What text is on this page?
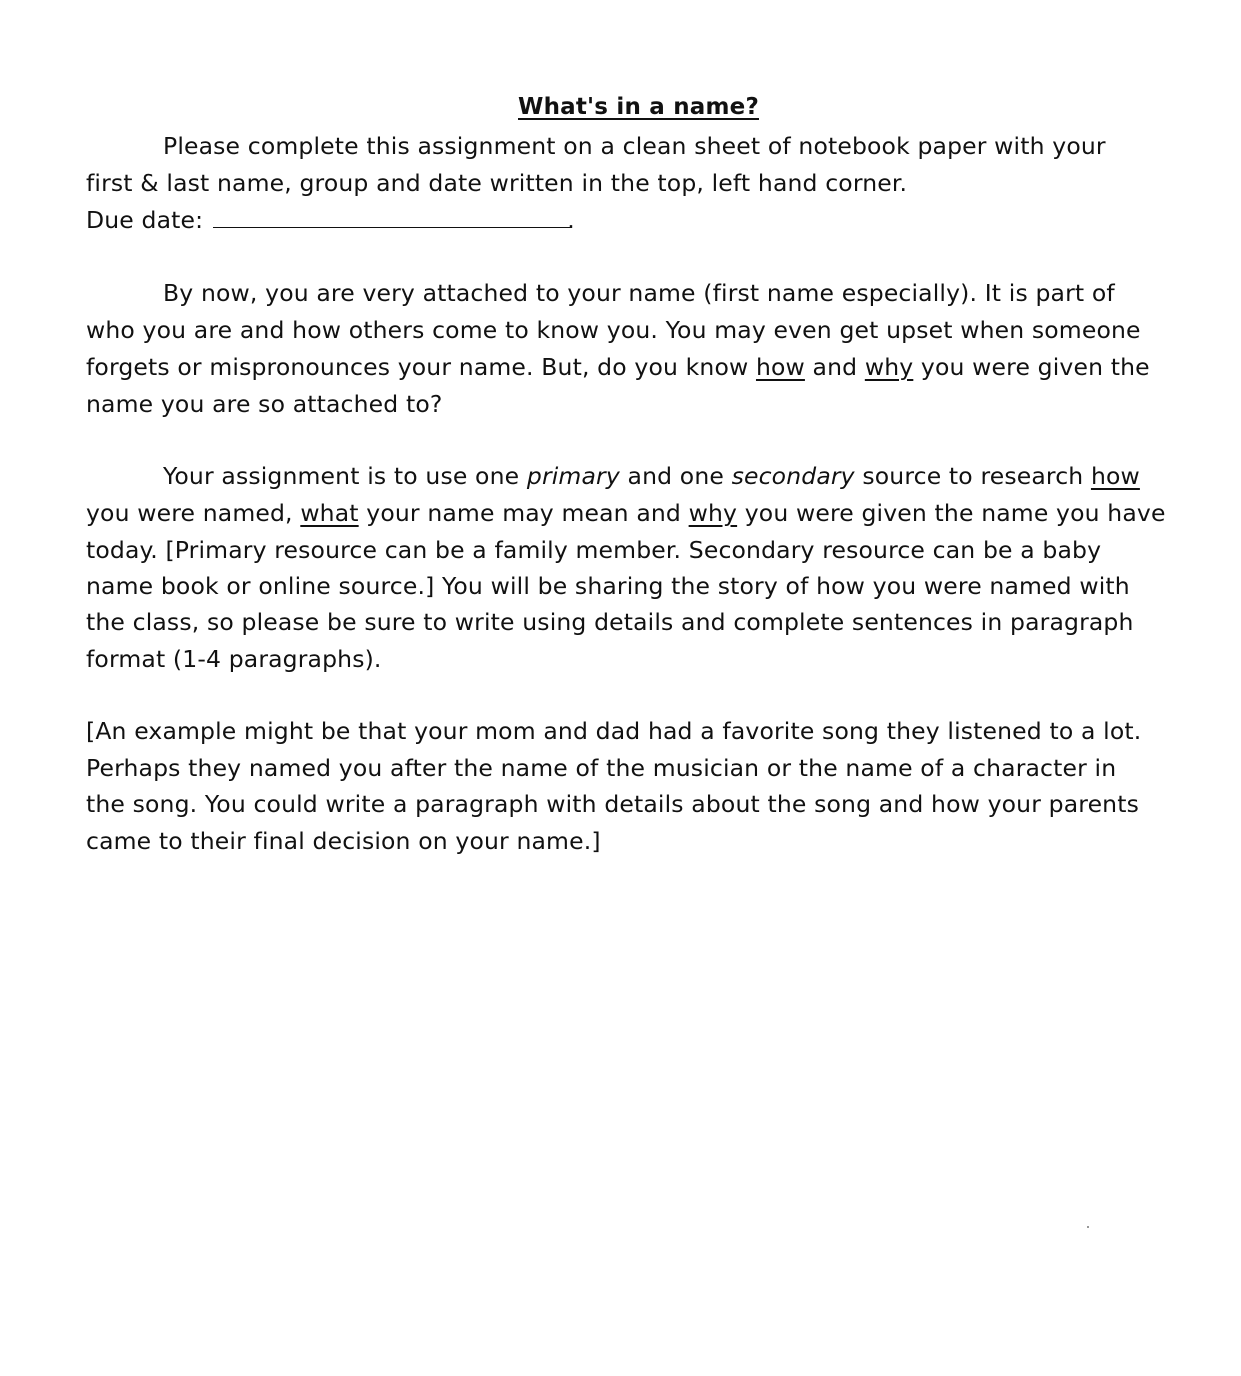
What's in a name?
Please complete this assignment on a clean sheet of notebook paper with your
first & last name, group and date written in the top, left hand corner.
Due date:	.
By now, you are very attached to your name (first name especially). It is part of
who you are and how others come to know you. You may even get upset when someone
forgets or mispronounces your name. But, do you know how and why you were given the
name you are so attached to?
Your assignment is to use one primary and one secondary source to research how
you were named, what your name may mean and why you were given the name you have
today. [Primary resource can be a family member. Secondary resource can be a baby
name book or online source.] You will be sharing the story of how you were named with
the class, so please be sure to write using details and complete sentences in paragraph
format (1-4 paragraphs).
[An example might be that your mom and dad had a favorite song they listened to a lot.
Perhaps they named you after the name of the musician or the name of a character in
the song. You could write a paragraph with details about the song and how your parents
came to their final decision on your name.]
